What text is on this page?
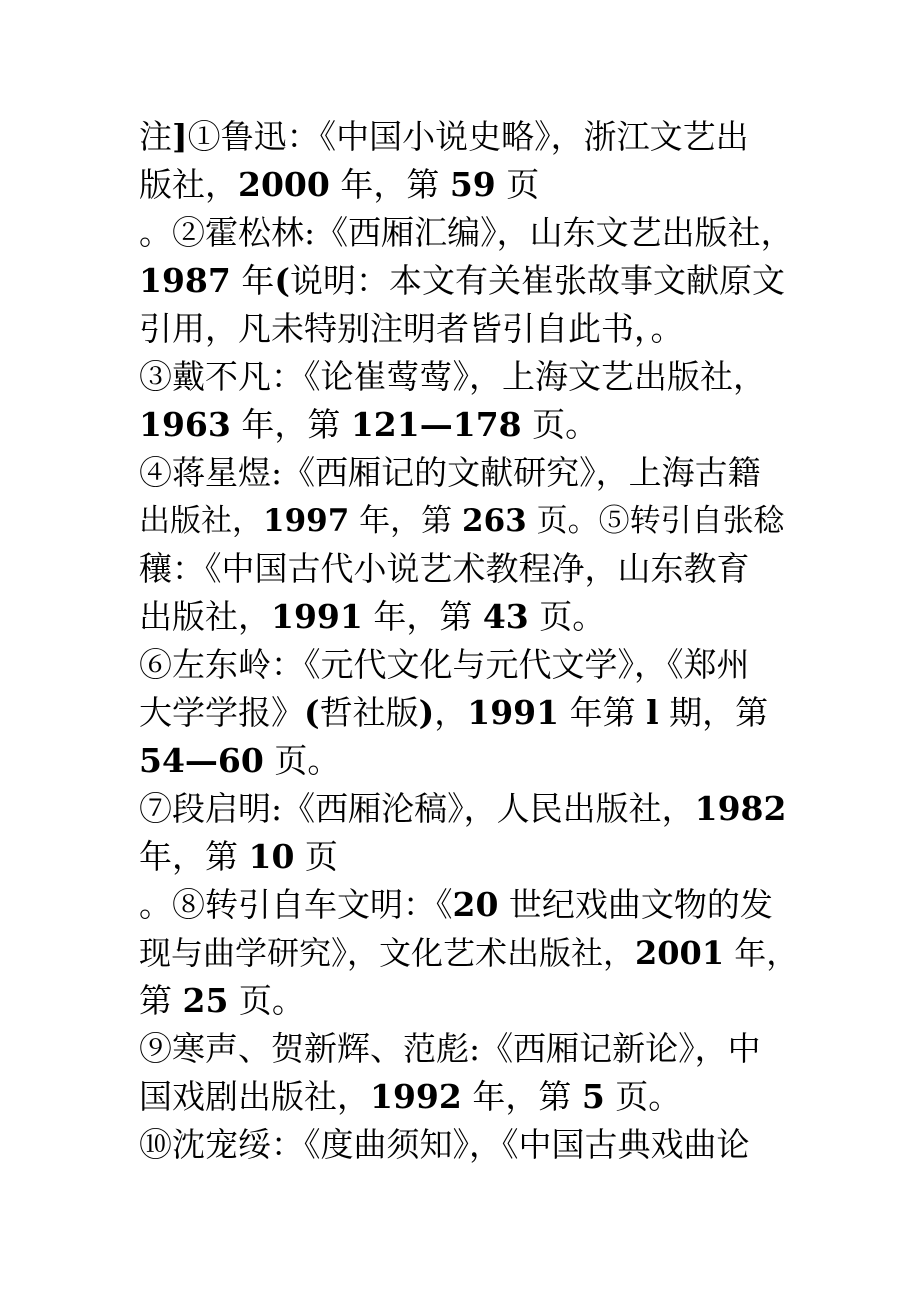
注]①鲁迅：《中国小说史略》，浙江文艺出
版社，2000 年，第 59 页
。②霍松林:《西厢汇编》，山东文艺出版社，
1987 年(说明：本文有关崔张故事文献原文
引用，凡未特别注明者皆引自此书，。
③戴不凡：《论崔莺莺》，上海文艺出版社，
1963 年，第 121—178 页。
④蒋星煜:《西厢记的文献研究》，上海古籍
出版社，1997 年，第 263 页。⑤转引自张稔
穰：《中国古代小说艺术教程净，山东教育
出版社，1991 年，第 43 页。
⑥左东岭：《元代文化与元代文学》，《郑州
大学学报》(哲社版)，1991 年第 l 期，第
54—60 页。
⑦段启明:《西厢沦稿》，人民出版社，1982
年，第 10 页
。⑧转引自车文明：《20 世纪戏曲文物的发
现与曲学研究》，文化艺术出版社，2001 年，
第 25 页。
⑨寒声、贺新辉、范彪:《西厢记新论》，中
国戏剧出版社，1992 年，第 5 页。
⑩沈宠绥：《度曲须知》，《中国古典戏曲论
